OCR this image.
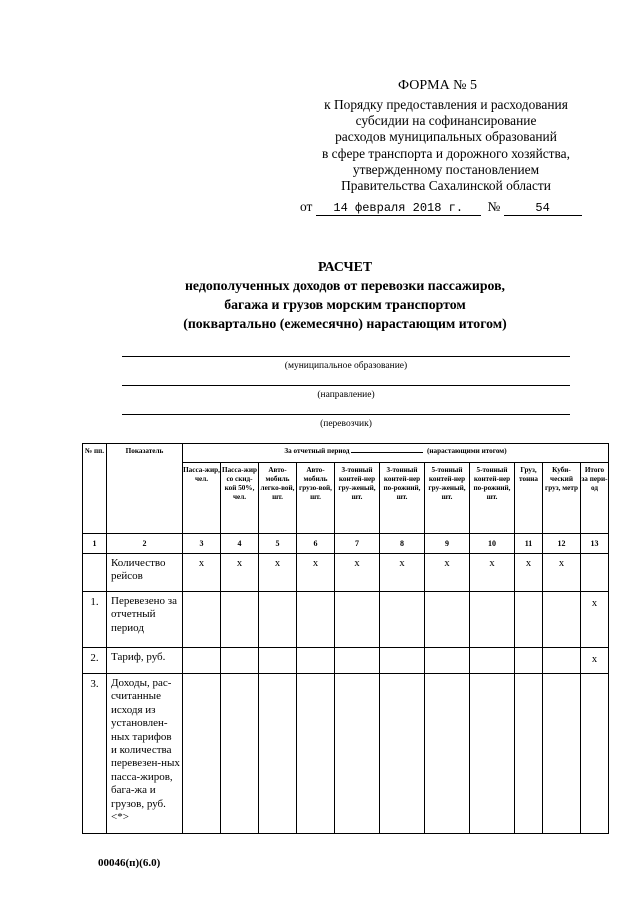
ФОРМА № 5
к Порядку предоставления и расходования
субсидии на софинансирование
расходов муниципальных образований
в сфере транспорта и дорожного хозяйства,
утвержденному постановлением
Правительства Сахалинской области
от 14 февраля 2018 г. №	54
РАСЧЕТ
недополученных доходов от перевозки пассажиров,
багажа и грузов морским транспортом
(поквартально (ежемесячно) нарастающим итогом)
(муниципальное образование)
(направление)
(перевозчик)
№ пп.	Показатель	За отчетный период (нарастающими итогом)										
		Пасса-жир, чел.	Пасса-жир со скид-кой 50%, чел.	Авто-мобиль легко-вой, шт.	Авто-мобиль грузо-вой, шт.	3-тонный контей-нер гру-женый, шт.	3-тонный контей-нер по-рожний, шт.	5-тонный контей-нер гру-женый, шт.	5-тонный контей-нер по-рожний, шт.	Груз, тонна	Куби-ческий груз, метр	Итого за пери-од
1	2	3	4	5	6	7	8	9	10	11	12	13
	Количество рейсов	x	x	x	x	x	x	x	x	x	x	
1.	Перевезено за отчетный период											x
2.	Тариф, руб.											x
3.	Доходы, рас-считанные исходя из установлен-ных тарифов и количества перевезен-ных пасса-жиров, бага-жа и грузов, руб. <*>											
00046(п)(6.0)
